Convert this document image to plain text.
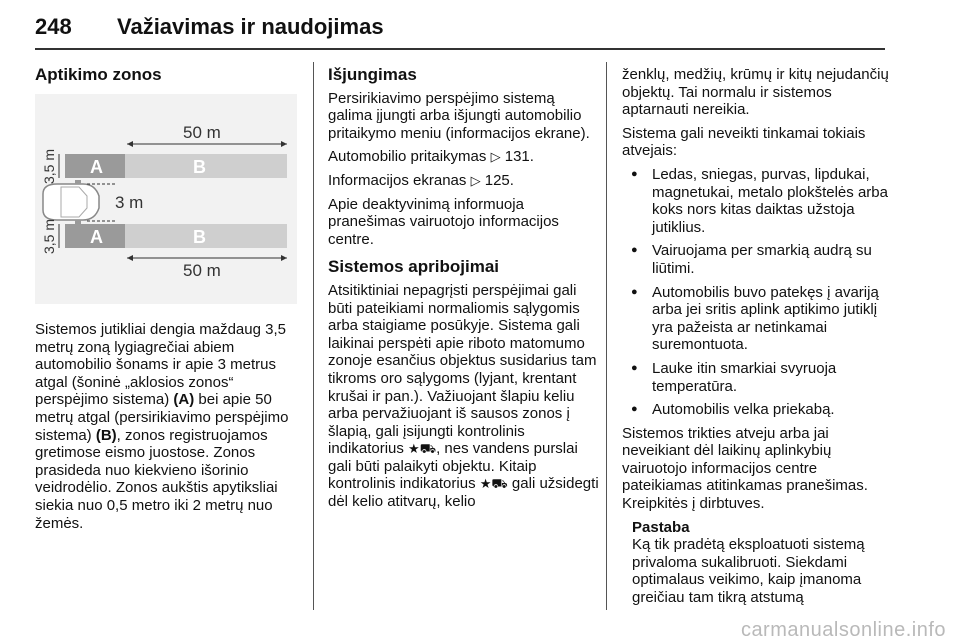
248 Važiavimas ir naudojimas
Aptikimo zonos
50 m
A	B
3,5 m
3 m
A	B
3,5 m
50 m

Sistemos jutikliai dengia maždaug 3,5 metrų zoną lygiagrečiai abiem automobilio šonams ir apie 3 metrus atgal (šoninė „aklosios zonos“ perspėjimo sistema) (A) bei apie 50 metrų atgal (persirikiavimo perspėjimo sistema) (B), zonos registruojamos gretimose eismo juostose. Zonos prasideda nuo kiekvieno išorinio veidrodėlio. Zonos aukštis apytiksliai siekia nuo 0,5 metro iki 2 metrų nuo žemės.

Išjungimas

Persirikiavimo perspėjimo sistemą galima įjungti arba išjungti automobilio pritaikymo meniu (informacijos ekrane).

Automobilio pritaikymas ▷ 131.

Informacijos ekranas ▷ 125.

Apie deaktyvinimą informuoja pranešimas vairuotojo informacijos centre.

Sistemos apribojimai

Atsitiktiniai nepagrįsti perspėjimai gali būti pateikiami normaliomis sąlygomis arba staigiame posūkyje. Sistema gali laikinai perspėti apie riboto matomumo zonoje esančius objektus susidarius tam tikroms oro sąlygoms (lyjant, krentant krušai ir pan.). Važiuojant šlapiu keliu arba pervažiuojant iš sausos zonos į šlapią, gali įsijungti kontrolinis indikatorius ★⛟, nes vandens purslai gali būti palaikyti objektu. Kitaip kontrolinis indikatorius ★⛟ gali užsidegti dėl kelio atitvarų, kelio

ženklų, medžių, krūmų ir kitų nejudančių objektų. Tai normalu ir sistemos aptarnauti nereikia.

Sistema gali neveikti tinkamai tokiais atvejais:

● Ledas, sniegas, purvas, lipdukai, magnetukai, metalo plokštelės arba koks nors kitas daiktas užstoja jutiklius.
● Vairuojama per smarkią audrą su liūtimi.
● Automobilis buvo patekęs į avariją arba jei sritis aplink aptikimo jutiklį yra pažeista ar netinkamai suremontuota.
● Lauke itin smarkiai svyruoja temperatūra.
● Automobilis velka priekabą.

Sistemos trikties atveju arba jai neveikiant dėl laikinų aplinkybių vairuotojo informacijos centre pateikiamas atitinkamas pranešimas. Kreipkitės į dirbtuves.

Pastaba

Ką tik pradėtą eksploatuoti sistemą privaloma sukalibruoti. Siekdami optimalaus veikimo, kaip įmanoma greičiau tam tikrą atstumą

carmanualsonline.info
